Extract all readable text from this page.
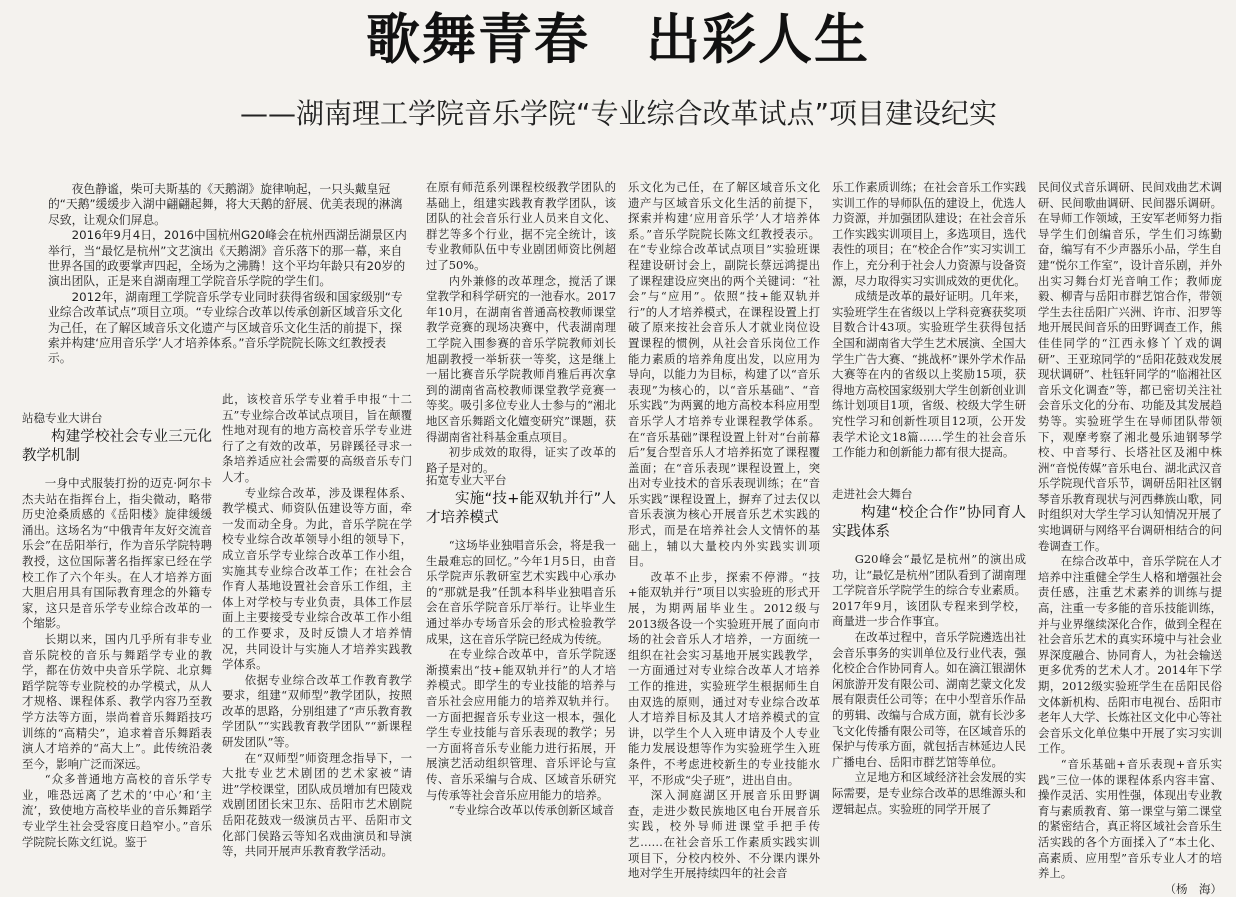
歌舞青春　出彩人生
——湖南理工学院音乐学院“专业综合改革试点”项目建设纪实

夜色静谧，柴可夫斯基的《天鹅湖》旋律响起，一只头戴皇冠的“天鹅”缓缓步入湖中翩翩起舞，将大天鹅的舒展、优美表现的淋漓尽致，让观众们屏息。

2016年9月4日，2016中国杭州G20峰会在杭州西湖岳湖景区内举行，当“最忆是杭州”文艺演出《天鹅湖》音乐落下的那一幕，来自世界各国的政要掌声四起，全场为之沸腾！这个平均年龄只有20岁的演出团队，正是来自湖南理工学院音乐学院的学生们。

2012年，湖南理工学院音乐学专业同时获得省级和国家级别“专业综合改革试点”项目立项。“专业综合改革以传承创新区域音乐文化为己任，在了解区域音乐文化遗产与区域音乐文化生活的前提下，探索并构建‘应用音乐学’人才培养体系。”音乐学院院长陈文红教授表示。

站稳专业大讲台
构建学校社会专业三元化教学机制

一身中式服装打扮的迈克·阿尔卡杰夫站在指挥台上，指尖微动，略带历史沧桑质感的《岳阳楼》旋律缓缓涌出。这场名为“中俄青年友好交流音乐会”在岳阳举行，作为音乐学院特聘教授，这位国际著名指挥家已经在学校工作了六个年头。在人才培养方面大胆启用具有国际教育理念的外籍专家，这只是音乐学专业综合改革的一个缩影。

长期以来，国内几乎所有非专业音乐院校的音乐与舞蹈学专业的教学，都在仿效中央音乐学院、北京舞蹈学院等专业院校的办学模式，从人才规格、课程体系、教学内容乃至教学方法等方面，崇尚着音乐舞蹈技巧训练的“高精尖”，追求着音乐舞蹈表演人才培养的“高大上”。此传统沿袭至今，影响广泛而深远。

“众多普通地方高校的音乐学专业，唯恐远离了艺术的‘中心’和‘主流’，致使地方高校毕业的音乐舞蹈学专业学生社会受容度日趋窄小。”音乐学院院长陈文红说。鉴于

此，该校音乐学专业着手申报“十二五”专业综合改革试点项目，旨在颠覆性地对现有的地方高校音乐学专业进行了之有效的改革，另辟蹊径寻求一条培养适应社会需要的高级音乐专门人才。

专业综合改革，涉及课程体系、教学模式、师资队伍建设等方面，牵一发而动全身。为此，音乐学院在学校专业综合改革领导小组的领导下，成立音乐学专业综合改革工作小组，实施其专业综合改革工作；在社会合作育人基地设置社会音乐工作组，主体上对学校与专业负责，具体工作层面上主要接受专业综合改革工作小组的工作要求，及时反馈人才培养情况，共同设计与实施人才培养实践教学体系。

依据专业综合改革工作教育教学要求，组建“双师型”教学团队，按照改革的思路，分别组建了“声乐教育教学团队”“实践教育教学团队”“新课程研发团队”等。

在“双师型”师资理念指导下，一大批专业艺术剧团的艺术家被“请进”学校课堂，团队成员增加有巴陵戏戏剧团团长宋卫东、岳阳市艺术剧院岳阳花鼓戏一级演员古平、岳阳市文化部门侯路云等知名戏曲演员和导演等，共同开展声乐教育教学活动。

在原有师范系列课程校级教学团队的基础上，组建实践教育教学团队，该团队的社会音乐行业人员来自文化、群艺等多个行业，据不完全统计，该专业教师队伍中专业剧团师资比例超过了50%。

内外兼修的改革理念，搅活了课堂教学和科学研究的一池春水。2017年10月，在湖南省普通高校教师课堂教学竞赛的现场决赛中，代表湖南理工学院入围参赛的音乐学院教师刘长旭副教授一举斩获一等奖，这是继上一届比赛音乐学院教师肖雅后再次拿到的湖南省高校教师课堂教学竞赛一等奖。吸引多位专业人士参与的“湘北地区音乐舞蹈文化嬗变研究”课题，获得湖南省社科基金重点项目。

初步成效的取得，证实了改革的路子是对的。

拓宽专业大平台
实施“技+能双轨并行”人才培养模式

“这场毕业独唱音乐会，将是我一生最难忘的回忆。”今年1月5日，由音乐学院声乐教研室艺术实践中心承办的“那就是我”任凯本科毕业独唱音乐会在音乐学院音乐厅举行。让毕业生通过举办专场音乐会的形式检验教学成果，这在音乐学院已经成为传统。

在专业综合改革中，音乐学院逐渐摸索出“技+能双轨并行”的人才培养模式。即学生的专业技能的培养与音乐社会应用能力的培养双轨并行。一方面把握音乐专业这一根本，强化学生专业技能与音乐表现的教学；另一方面将音乐专业能力进行拓展，开展演艺活动组织管理、音乐评论与宣传、音乐采编与合成、区域音乐研究与传承等社会音乐应用能力的培养。

“专业综合改革以传承创新区域音

乐文化为己任，在了解区域音乐文化遗产与区域音乐文化生活的前提下，探索并构建‘应用音乐学’人才培养体系。”音乐学院院长陈文红教授表示。在“专业综合改革试点项目”实验班课程建设研讨会上，副院长蔡远鸿提出了课程建设应突出的两个关键词：“社会”与“应用”。依照“技+能双轨并行”的人才培养模式，在课程设置上打破了原来按社会音乐人才就业岗位设置课程的惯例，从社会音乐岗位工作能力素质的培养角度出发，以应用为导向，以能力为目标，构建了以“音乐表现”为核心的，以“音乐基础”、“音乐实践”为两翼的地方高校本科应用型音乐学人才培养专业课程教学体系。在“音乐基础”课程设置上针对“台前幕后”复合型音乐人才培养拓宽了课程覆盖面；在“音乐表现”课程设置上，突出对专业技术的音乐表现训练；在“音乐实践”课程设置上，摒弃了过去仅以音乐表演为核心开展音乐艺术实践的形式，而是在培养社会人文情怀的基础上，辅以大量校内外实践实训项目。

改革不止步，探索不停滞。“技+能双轨并行”项目以实验班的形式开展，为期两届毕业生。2012级与2013级各设一个实验班开展了面向市场的社会音乐人才培养，一方面统一组织在社会实习基地开展实践教学，一方面通过对专业综合改革人才培养工作的推进，实验班学生根据师生自由双选的原则，通过对专业综合改革人才培养目标及其人才培养模式的宣讲，以学生个人入班申请及个人专业能力发展设想等作为实验班学生入班条件，不考虑进校新生的专业技能水平，不形成“尖子班”，进出自由。

深入洞庭湖区开展音乐田野调查，走进少数民族地区电台开展音乐实践，校外导师进课堂手把手传艺……在社会音乐工作素质实践实训项目下，分校内校外、不分课内课外地对学生开展持续四年的社会音

乐工作素质训练；在社会音乐工作实践实训工作的导师队伍的建设上，优选人力资源，并加强团队建设；在社会音乐工作实践实训项目上，多选项目，选代表性的项目；在“校企合作”实习实训工作上，充分利于社会人力资源与设备资源，尽力取得实习实训成效的更优化。

成绩是改革的最好证明。几年来，实验班学生在省级以上学科竞赛获奖项目数合计43项。实验班学生获得包括全国和湖南省大学生艺术展演、全国大学生广告大赛、“挑战杯”课外学术作品大赛等在内的省级以上奖励15项，获得地方高校国家级别大学生创新创业训练计划项目1项，省级、校级大学生研究性学习和创新性项目12项，公开发表学术论文18篇……学生的社会音乐工作能力和创新能力都有很大提高。

走进社会大舞台
构建“校企合作”协同育人实践体系

G20峰会“最忆是杭州”的演出成功，让“最忆是杭州”团队看到了湖南理工学院音乐学院学生的综合专业素质。2017年9月，该团队专程来到学校，商量进一步合作事宜。

在改革过程中，音乐学院遴选出社会音乐事务的实训单位及行业代表，强化校企合作协同育人。如在滴江银湖休闲旅游开发有限公司、湖南艺蒙文化发展有限责任公司等；在中小型音乐作品的剪辑、改编与合成方面，就有长沙多飞文化传播有限公司等，在区域音乐的保护与传承方面，就包括吉林延边人民广播电台、岳阳市群艺馆等单位。

立足地方和区域经济社会发展的实际需要，是专业综合改革的思维源头和逻辑起点。实验班的同学开展了

民间仪式音乐调研、民间戏曲艺术调研、民间歌曲调研、民间器乐调研。在导师工作领域，王安军老师努力指导学生们创编音乐，学生们习练勤奋，编写有不少声器乐小品，学生自建“悦尔工作室”，设计音乐剧，并外出实习舞台灯光音响工作；教师庞毅、柳青与岳阳市群艺馆合作，带领学生去往岳阳广兴洲、许市、汨罗等地开展民间音乐的田野调查工作，熊佳佳同学的“江西永修丫丫戏的调研”、王亚琼同学的“岳阳花鼓戏发展现状调研”、杜钰轩同学的“临湘社区音乐文化调查”等，都已密切关注社会音乐文化的分布、功能及其发展趋势等。实验班学生在导师团队带领下，观摩考察了湘北曼乐迪钢琴学校、中音琴行、长塔社区及湘中株洲“音悦传媒”音乐电台、湖北武汉音乐学院现代音乐节，调研岳阳社区钢琴音乐教育现状与河西彝族山歌，同时组织对大学生学习认知情况开展了实地调研与网络平台调研相结合的问卷调查工作。

在综合改革中，音乐学院在人才培养中注重健全学生人格和增强社会责任感，注重艺术素养的训练与提高，注重一专多能的音乐技能训练，并与业界继续深化合作，做到全程在社会音乐艺术的真实环境中与社会业界深度融合、协同育人，为社会输送更多优秀的艺术人才。2014年下学期，2012级实验班学生在岳阳民俗文体新机构、岳阳市电视台、岳阳市老年人大学、长炼社区文化中心等社会音乐文化单位集中开展了实习实训工作。

“音乐基础+音乐表现+音乐实践”三位一体的课程体系内容丰富、操作灵活、实用性强，体现出专业教育与素质教育、第一课堂与第二课堂的紧密结合，真正将区域社会音乐生活实践的各个方面揉入了“本土化、高素质、应用型”音乐专业人才的培养上。

（杨　海）
